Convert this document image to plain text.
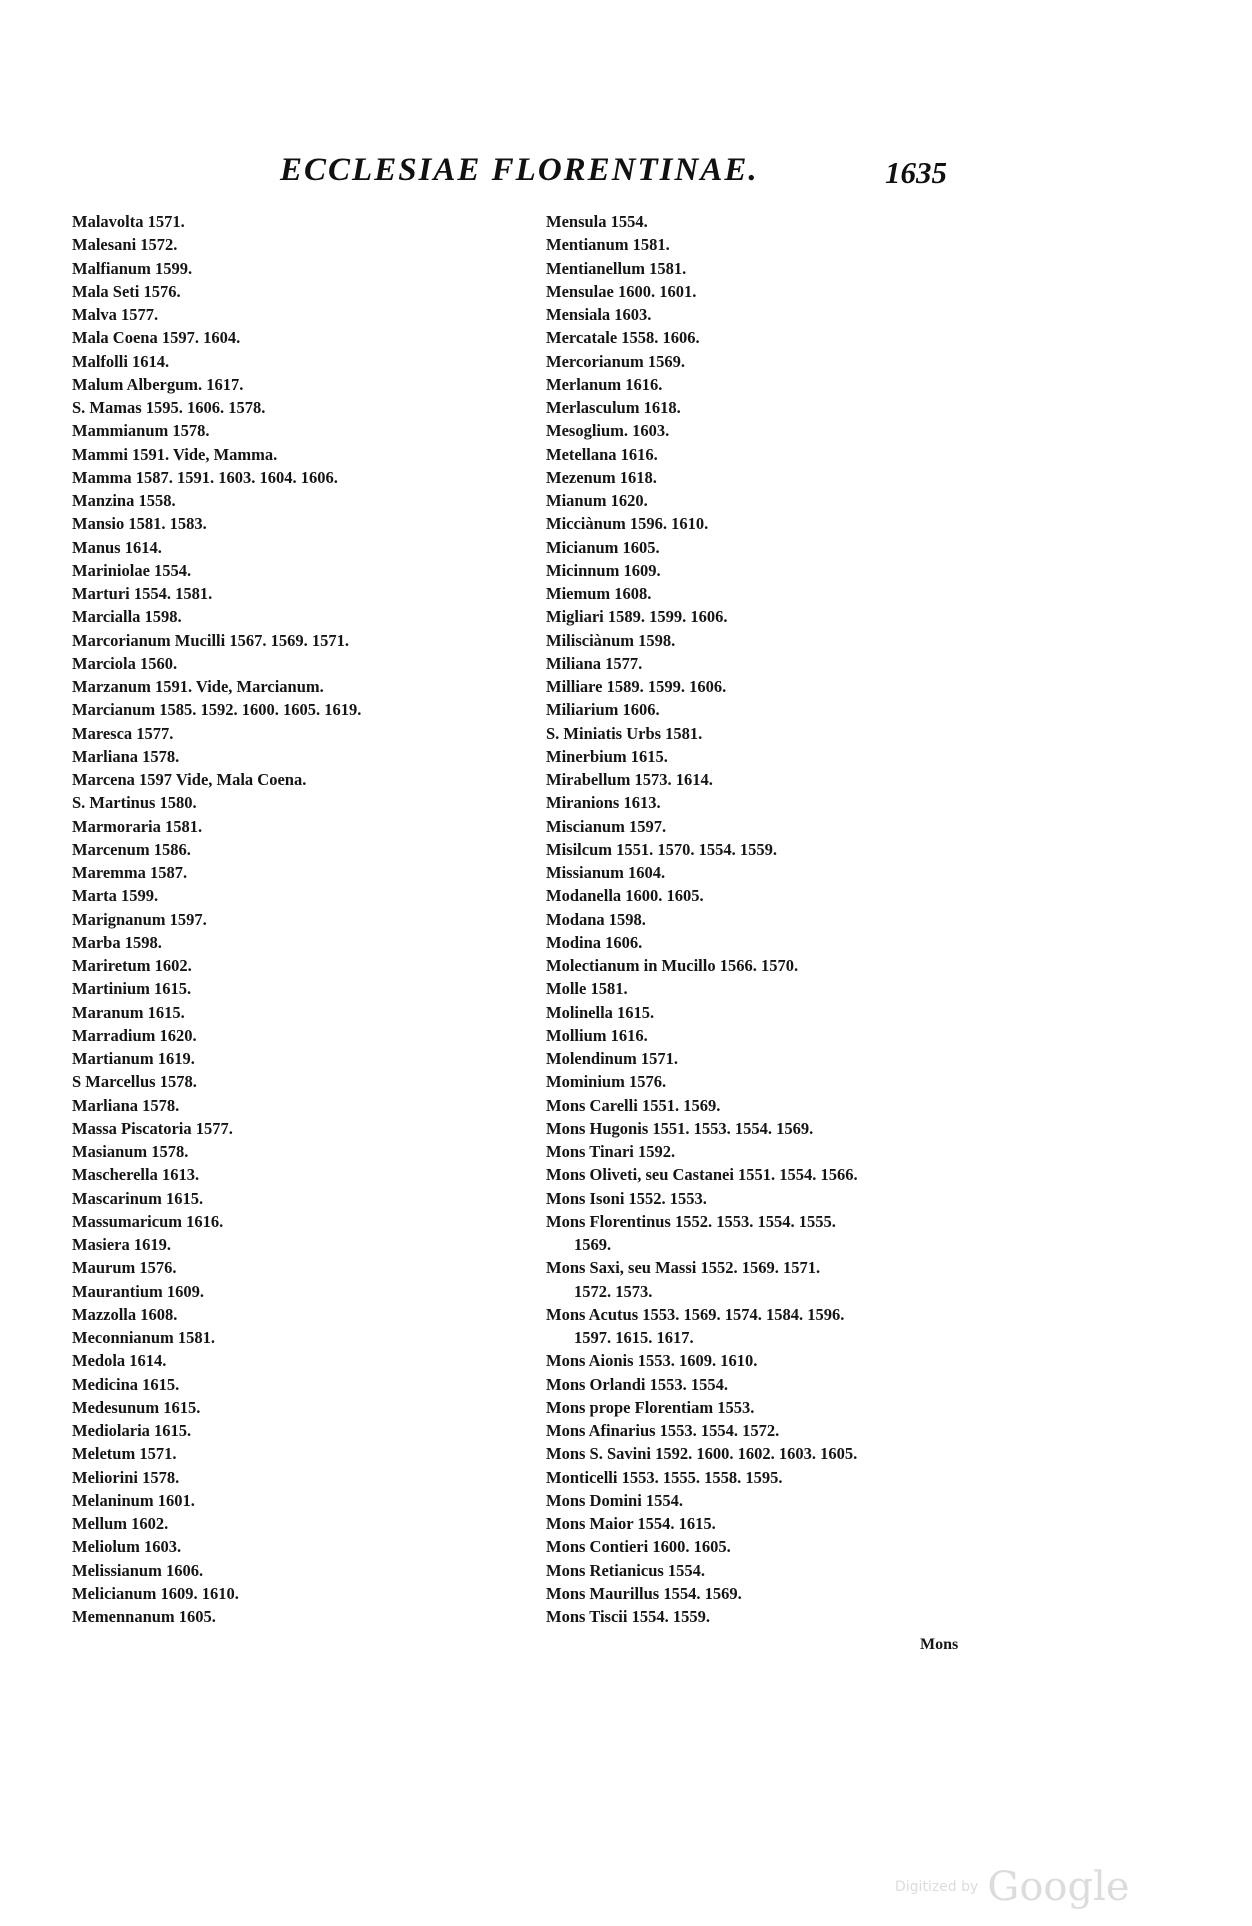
ECCLESIAE FLORENTINAE.	1635
Malavolta 1571.
Malesani 1572.
Malfianum 1599.
Mala Seti 1576.
Malva 1577.
Mala Coena 1597. 1604.
Malfolli 1614.
Malum Albergum. 1617.
S. Mamas 1595. 1606. 1578.
Mammianum 1578.
Mammi 1591. Vide, Mamma.
Mamma 1587. 1591. 1603. 1604. 1606.
Manzina 1558.
Mansio 1581. 1583.
Manus 1614.
Mariniolae 1554.
Marturi 1554. 1581.
Marcialla 1598.
Marcorianum Mucilli 1567. 1569. 1571.
Marciola 1560.
Marzanum 1591. Vide, Marcianum.
Marcianum 1585. 1592. 1600. 1605. 1619.
Maresca 1577.
Marliana 1578.
Marcena 1597 Vide, Mala Coena.
S. Martinus 1580.
Marmoraria 1581.
Marcenum 1586.
Maremma 1587.
Marta 1599.
Marignanum 1597.
Marba 1598.
Mariretum 1602.
Martinium 1615.
Maranum 1615.
Marradium 1620.
Martianum 1619.
S Marcellus 1578.
Marliana 1578.
Massa Piscatoria 1577.
Masianum 1578.
Mascherella 1613.
Mascarinum 1615.
Massumaricum 1616.
Masiera 1619.
Maurum 1576.
Maurantium 1609.
Mazzolla 1608.
Meconnianum 1581.
Medola 1614.
Medicina 1615.
Medesunum 1615.
Mediolaria 1615.
Meletum 1571.
Meliorini 1578.
Melaninum 1601.
Mellum 1602.
Meliolum 1603.
Melissianum 1606.
Melicianum 1609. 1610.
Memennanum 1605.
Mensula 1554.
Mentianum 1581.
Mentianellum 1581.
Mensulae 1600. 1601.
Mensiala 1603.
Mercatale 1558. 1606.
Mercorianum 1569.
Merlanum 1616.
Merlasculum 1618.
Mesoglium. 1603.
Metellana 1616.
Mezenum 1618.
Mianum 1620.
Micciànum 1596. 1610.
Micianum 1605.
Micinnum 1609.
Miemum 1608.
Migliari 1589. 1599. 1606.
Milisciànum 1598.
Miliana 1577.
Milliare 1589. 1599. 1606.
Miliarium 1606.
S. Miniatis Urbs 1581.
Minerbium 1615.
Mirabellum 1573. 1614.
Miranions 1613.
Miscianum 1597.
Misilcum 1551. 1570. 1554. 1559.
Missianum 1604.
Modanella 1600. 1605.
Modana 1598.
Modina 1606.
Molectianum in Mucillo 1566. 1570.
Molle 1581.
Molinella 1615.
Mollium 1616.
Molendinum 1571.
Mominium 1576.
Mons Carelli 1551. 1569.
Mons Hugonis 1551. 1553. 1554. 1569.
Mons Tinari 1592.
Mons Oliveti, seu Castanei 1551. 1554. 1566.
Mons Isoni 1552. 1553.
Mons Florentinus 1552. 1553. 1554. 1555.
1569.
Mons Saxi, seu Massi 1552. 1569. 1571.
1572. 1573.
Mons Acutus 1553. 1569. 1574. 1584. 1596.
1597. 1615. 1617.
Mons Aionis 1553. 1609. 1610.
Mons Orlandi 1553. 1554.
Mons prope Florentiam 1553.
Mons Afinarius 1553. 1554. 1572.
Mons S. Savini 1592. 1600. 1602. 1603. 1605.
Monticelli 1553. 1555. 1558. 1595.
Mons Domini 1554.
Mons Maior 1554. 1615.
Mons Contieri 1600. 1605.
Mons Retianicus 1554.
Mons Maurillus 1554. 1569.
Mons Tiscii 1554. 1559.
Mons
Digitized by Google
